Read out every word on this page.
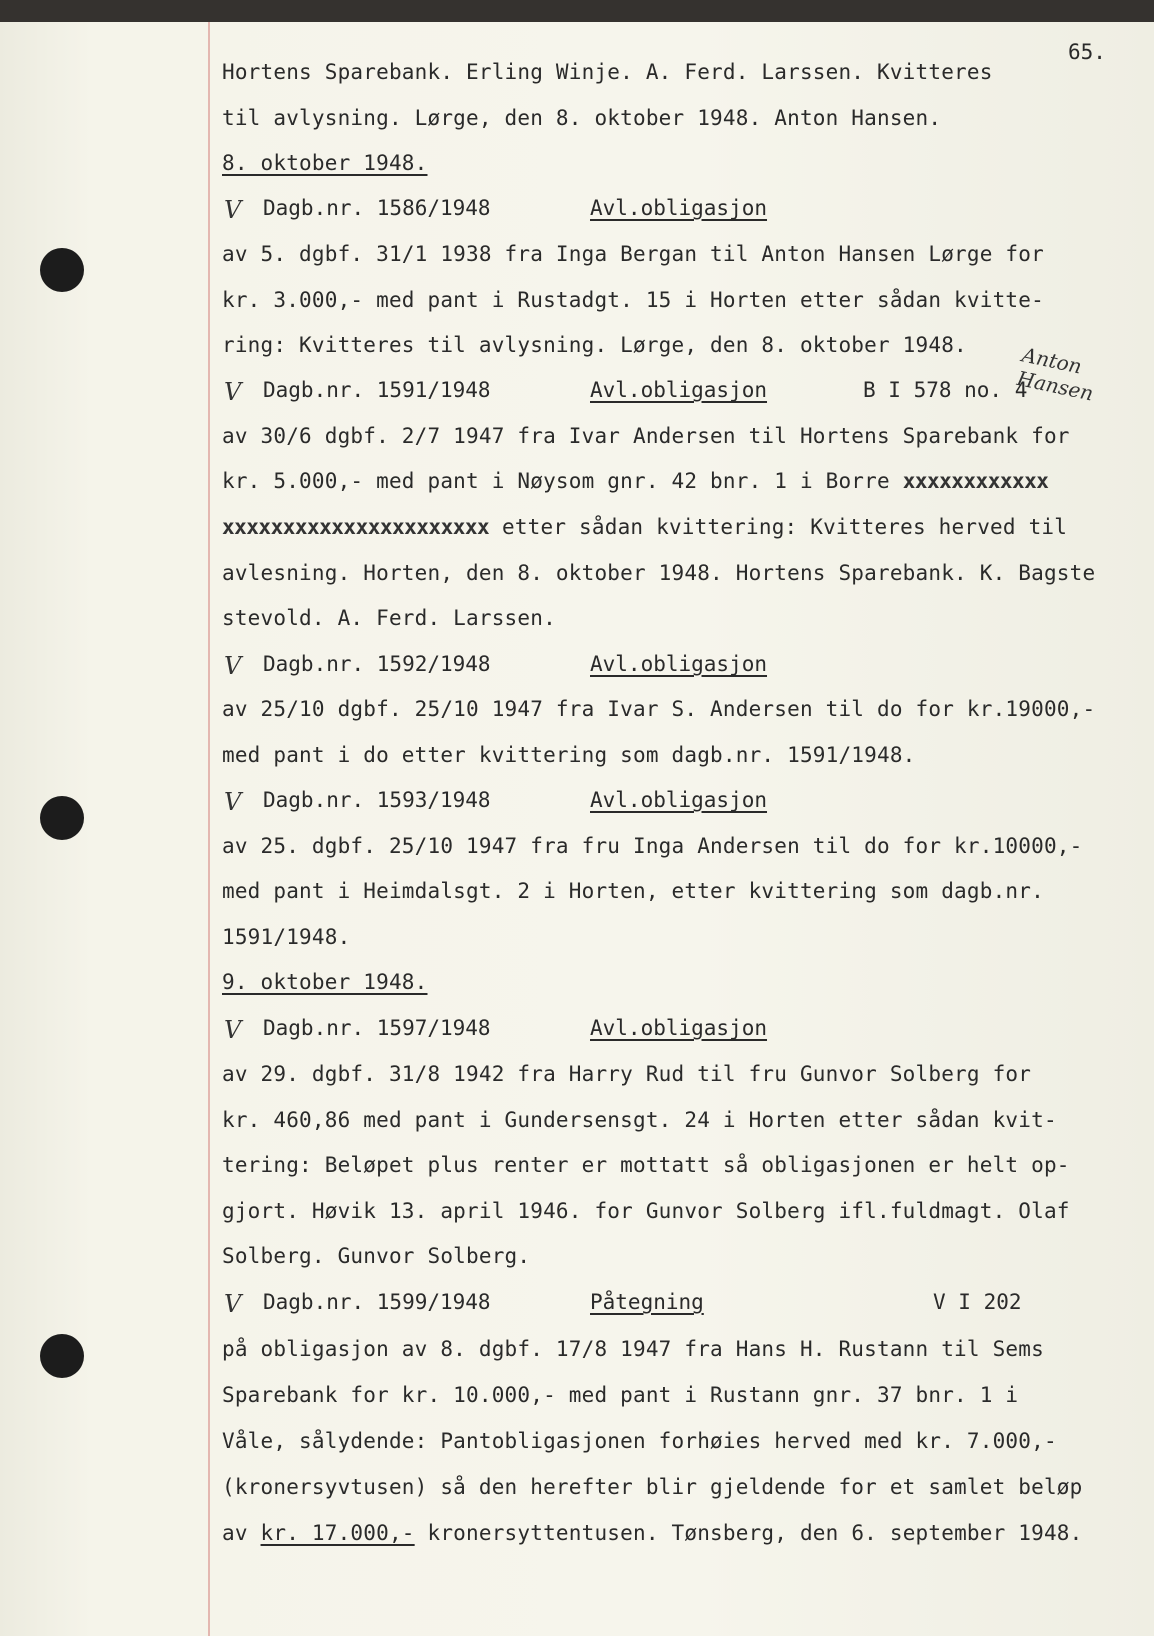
65.
Hortens Sparebank. Erling Winje. A. Ferd. Larssen. Kvitteres
til avlysning. Lørge, den 8. oktober 1948. Anton Hansen.
8. oktober 1948.
V Dagb.nr. 1586/1948	Avl.obligasjon
av 5. dgbf. 31/1 1938 fra Inga Bergan til Anton Hansen Lørge for
kr. 3.000,- med pant i Rustadgt. 15 i Horten etter sådan kvitte-
ring: Kvitteres til avlysning. Lørge, den 8. oktober 1948.	Anton Hansen
V Dagb.nr. 1591/1948	Avl.obligasjon	B I 578 no. 4
av 30/6 dgbf. 2/7 1947 fra Ivar Andersen til Hortens Sparebank for
kr. 5.000,- med pant i Nøysom gnr. 42 bnr. 1 i Borre xxxxxxxxxxxx
xxxxxxxxxxxxxxxxxxxxxx etter sådan kvittering: Kvitteres herved til
avlesning. Horten, den 8. oktober 1948. Hortens Sparebank. K. Bagste
stevold. A. Ferd. Larssen.
V Dagb.nr. 1592/1948	Avl.obligasjon
av 25/10 dgbf. 25/10 1947 fra Ivar S. Andersen til do for kr.19000,-
med pant i do etter kvittering som dagb.nr. 1591/1948.
V Dagb.nr. 1593/1948	Avl.obligasjon
av 25. dgbf. 25/10 1947 fra fru Inga Andersen til do for kr.10000,-
med pant i Heimdalsgt. 2 i Horten, etter kvittering som dagb.nr.
1591/1948.
9. oktober 1948.
V Dagb.nr. 1597/1948	Avl.obligasjon
av 29. dgbf. 31/8 1942 fra Harry Rud til fru Gunvor Solberg for
kr. 460,86 med pant i Gundersensgt. 24 i Horten etter sådan kvit-
tering: Beløpet plus renter er mottatt så obligasjonen er helt op-
gjort. Høvik 13. april 1946. for Gunvor Solberg ifl.fuldmagt. Olaf
Solberg. Gunvor Solberg.
V Dagb.nr. 1599/1948	Påtegning	V I 202
på obligasjon av 8. dgbf. 17/8 1947 fra Hans H. Rustann til Sems
Sparebank for kr. 10.000,- med pant i Rustann gnr. 37 bnr. 1 i
Våle, sålydende: Pantobligasjonen forhøies herved med kr. 7.000,-
(kronersyvtusen) så den herefter blir gjeldende for et samlet beløp
av kr. 17.000,- kronersyttentusen. Tønsberg, den 6. september 1948.
